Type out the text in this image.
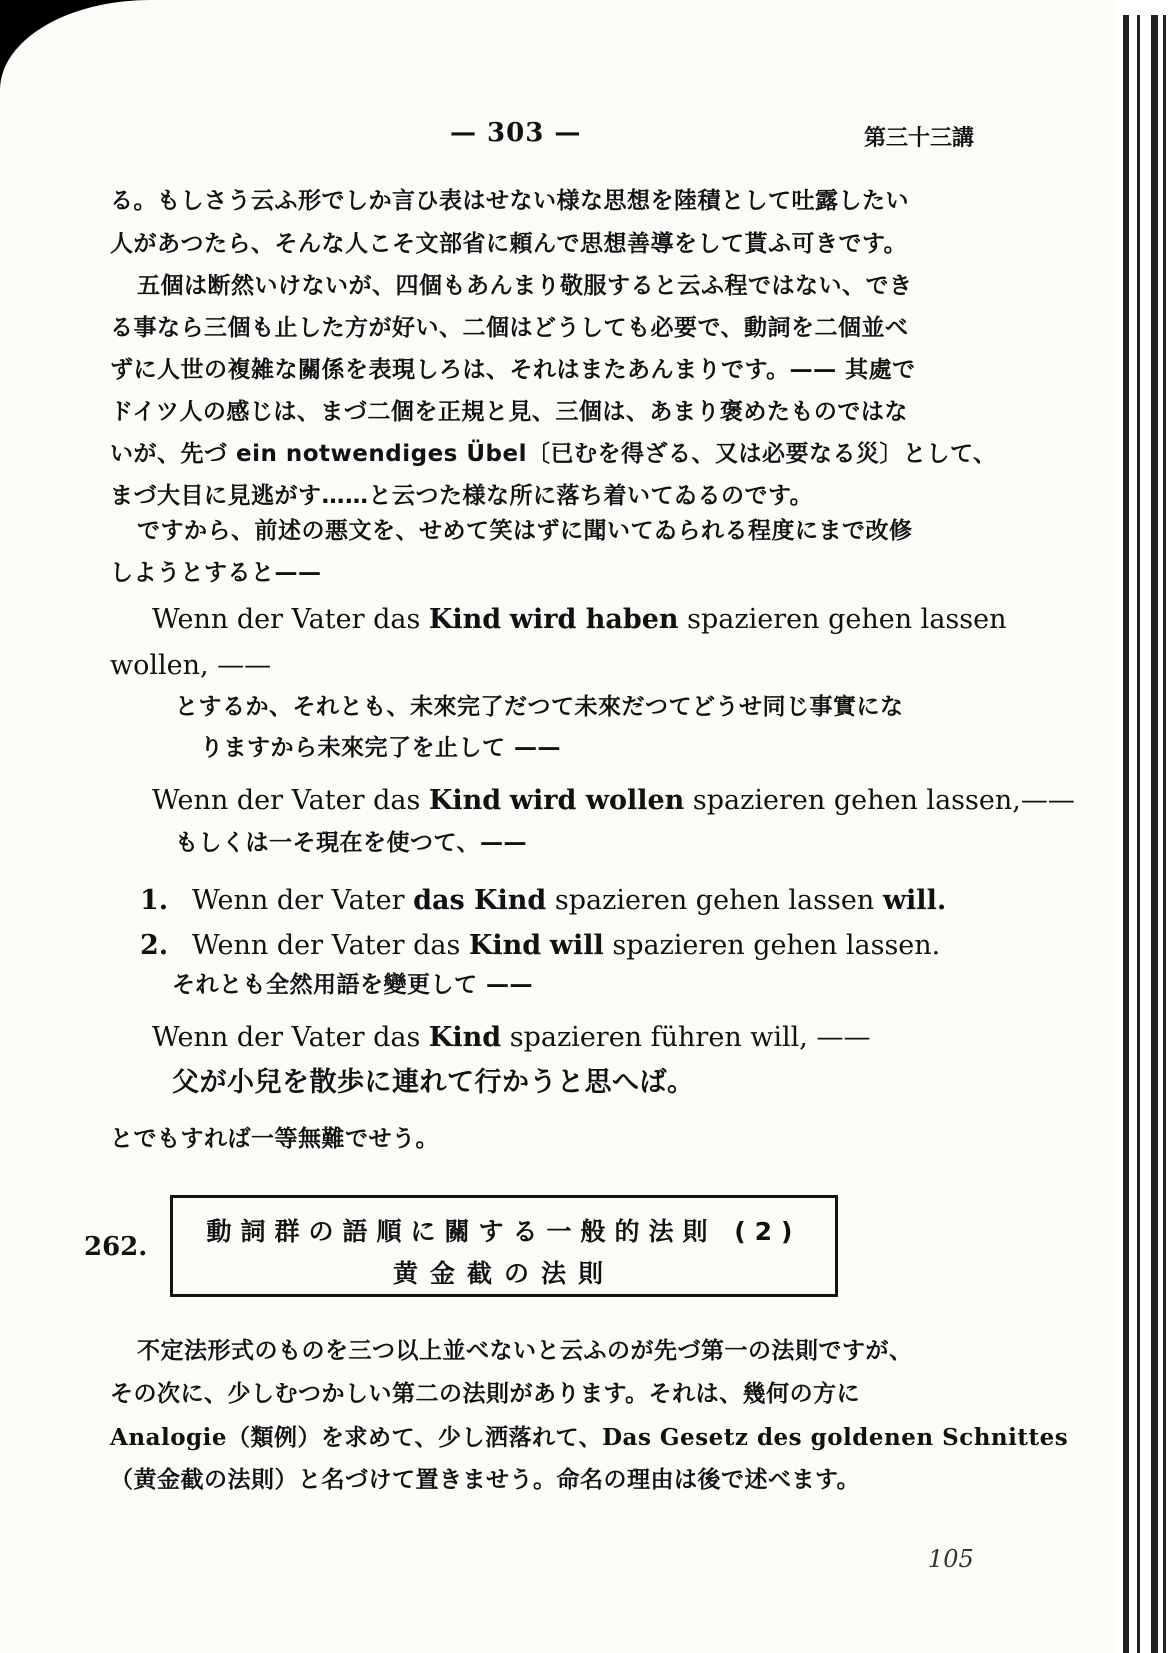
— 303 —	第三十三講
る。もしさう云ふ形でしか言ひ表はせない様な思想を陸積として吐露したい
人があつたら、そんな人こそ文部省に頼んで思想善導をして貰ふ可きです。
五個は断然いけないが、四個もあんまり敬服すると云ふ程ではない、でき
る事なら三個も止した方が好い、二個はどうしても必要で、動詞を二個並べ
ずに人世の複雑な關係を表現しろは、それはまたあんまりです。—— 其處で
ドイツ人の感じは、まづ二個を正規と見、三個は、あまり褒めたものではな
いが、先づ ein notwendiges Übel〔已むを得ざる、又は必要なる災〕として、
まづ大目に見逃がす……と云つた様な所に落ち着いてゐるのです。
ですから、前述の悪文を、せめて笑はずに聞いてゐられる程度にまで改修
しようとすると——
Wenn der Vater das Kind wird haben spazieren gehen lassen
wollen, ——
とするか、それとも、未來完了だつて未來だつてどうせ同じ事實にな
りますから未來完了を止して ——
Wenn der Vater das Kind wird wollen spazieren gehen lassen,——
もしくは一そ現在を使つて、——
1. Wenn der Vater das Kind spazieren gehen lassen will.
2. Wenn der Vater das Kind will spazieren gehen lassen.
それとも全然用語を變更して ——
Wenn der Vater das Kind spazieren führen will, ——
父が小兒を散歩に連れて行かうと思へば。
とでもすれば一等無難でせう。
262.
動詞群の語順に關する一般的法則 (2)
黄金截の法則
不定法形式のものを三つ以上並べないと云ふのが先づ第一の法則ですが、
その次に、少しむつかしい第二の法則があります。それは、幾何の方に
Analogie（類例）を求めて、少し洒落れて、Das Gesetz des goldenen Schnittes
（黄金截の法則）と名づけて置きませう。命名の理由は後で述べます。
105
